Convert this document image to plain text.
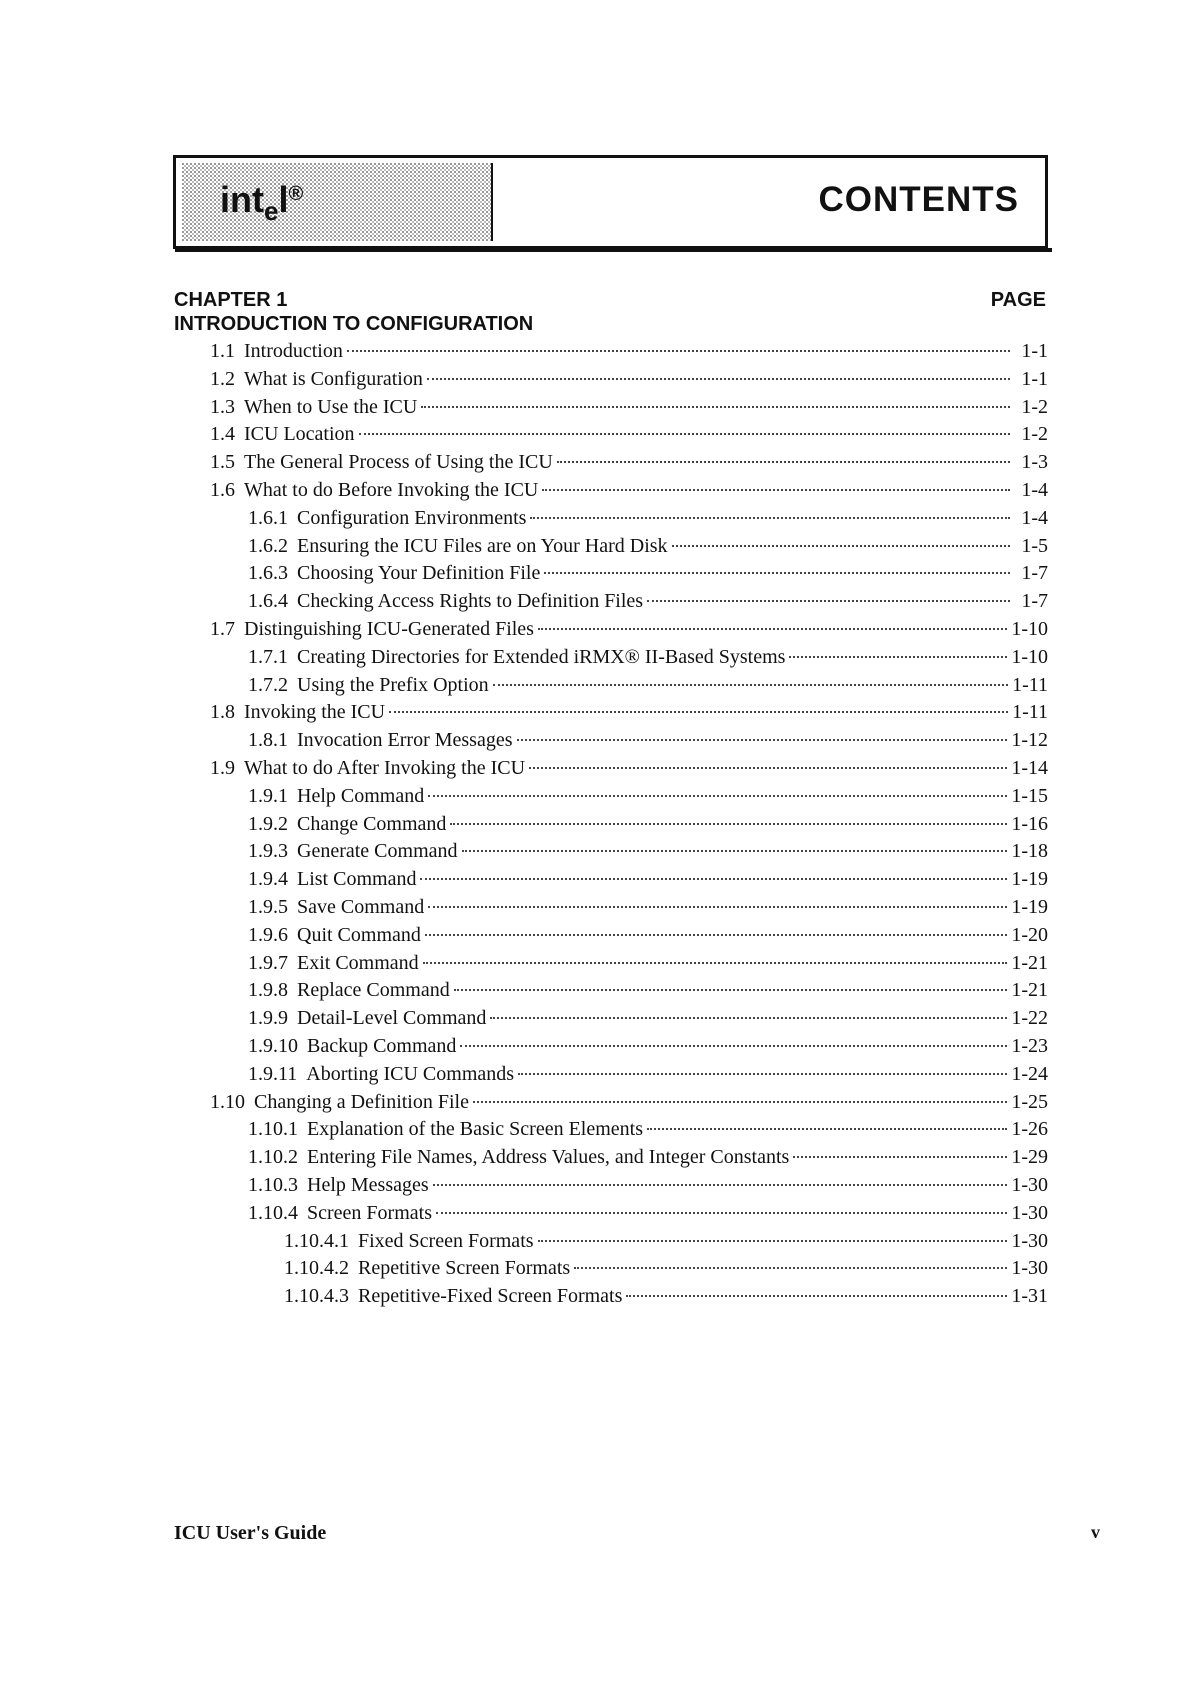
int$_e$l®	CONTENTS
CHAPTER 1	PAGE
INTRODUCTION TO CONFIGURATION
1.1 Introduction	1-1
1.2 What is Configuration	1-1
1.3 When to Use the ICU	1-2
1.4 ICU Location	1-2
1.5 The General Process of Using the ICU	1-3
1.6 What to do Before Invoking the ICU	1-4
1.6.1 Configuration Environments	1-4
1.6.2 Ensuring the ICU Files are on Your Hard Disk	1-5
1.6.3 Choosing Your Definition File	1-7
1.6.4 Checking Access Rights to Definition Files	1-7
1.7 Distinguishing ICU-Generated Files	1-10
1.7.1 Creating Directories for Extended iRMX® II-Based Systems	1-10
1.7.2 Using the Prefix Option	1-11
1.8 Invoking the ICU	1-11
1.8.1 Invocation Error Messages	1-12
1.9 What to do After Invoking the ICU	1-14
1.9.1 Help Command	1-15
1.9.2 Change Command	1-16
1.9.3 Generate Command	1-18
1.9.4 List Command	1-19
1.9.5 Save Command	1-19
1.9.6 Quit Command	1-20
1.9.7 Exit Command	1-21
1.9.8 Replace Command	1-21
1.9.9 Detail-Level Command	1-22
1.9.10 Backup Command	1-23
1.9.11 Aborting ICU Commands	1-24
1.10 Changing a Definition File	1-25
1.10.1 Explanation of the Basic Screen Elements	1-26
1.10.2 Entering File Names, Address Values, and Integer Constants	1-29
1.10.3 Help Messages	1-30
1.10.4 Screen Formats	1-30
1.10.4.1 Fixed Screen Formats	1-30
1.10.4.2 Repetitive Screen Formats	1-30
1.10.4.3 Repetitive-Fixed Screen Formats	1-31
ICU User's Guide	v
